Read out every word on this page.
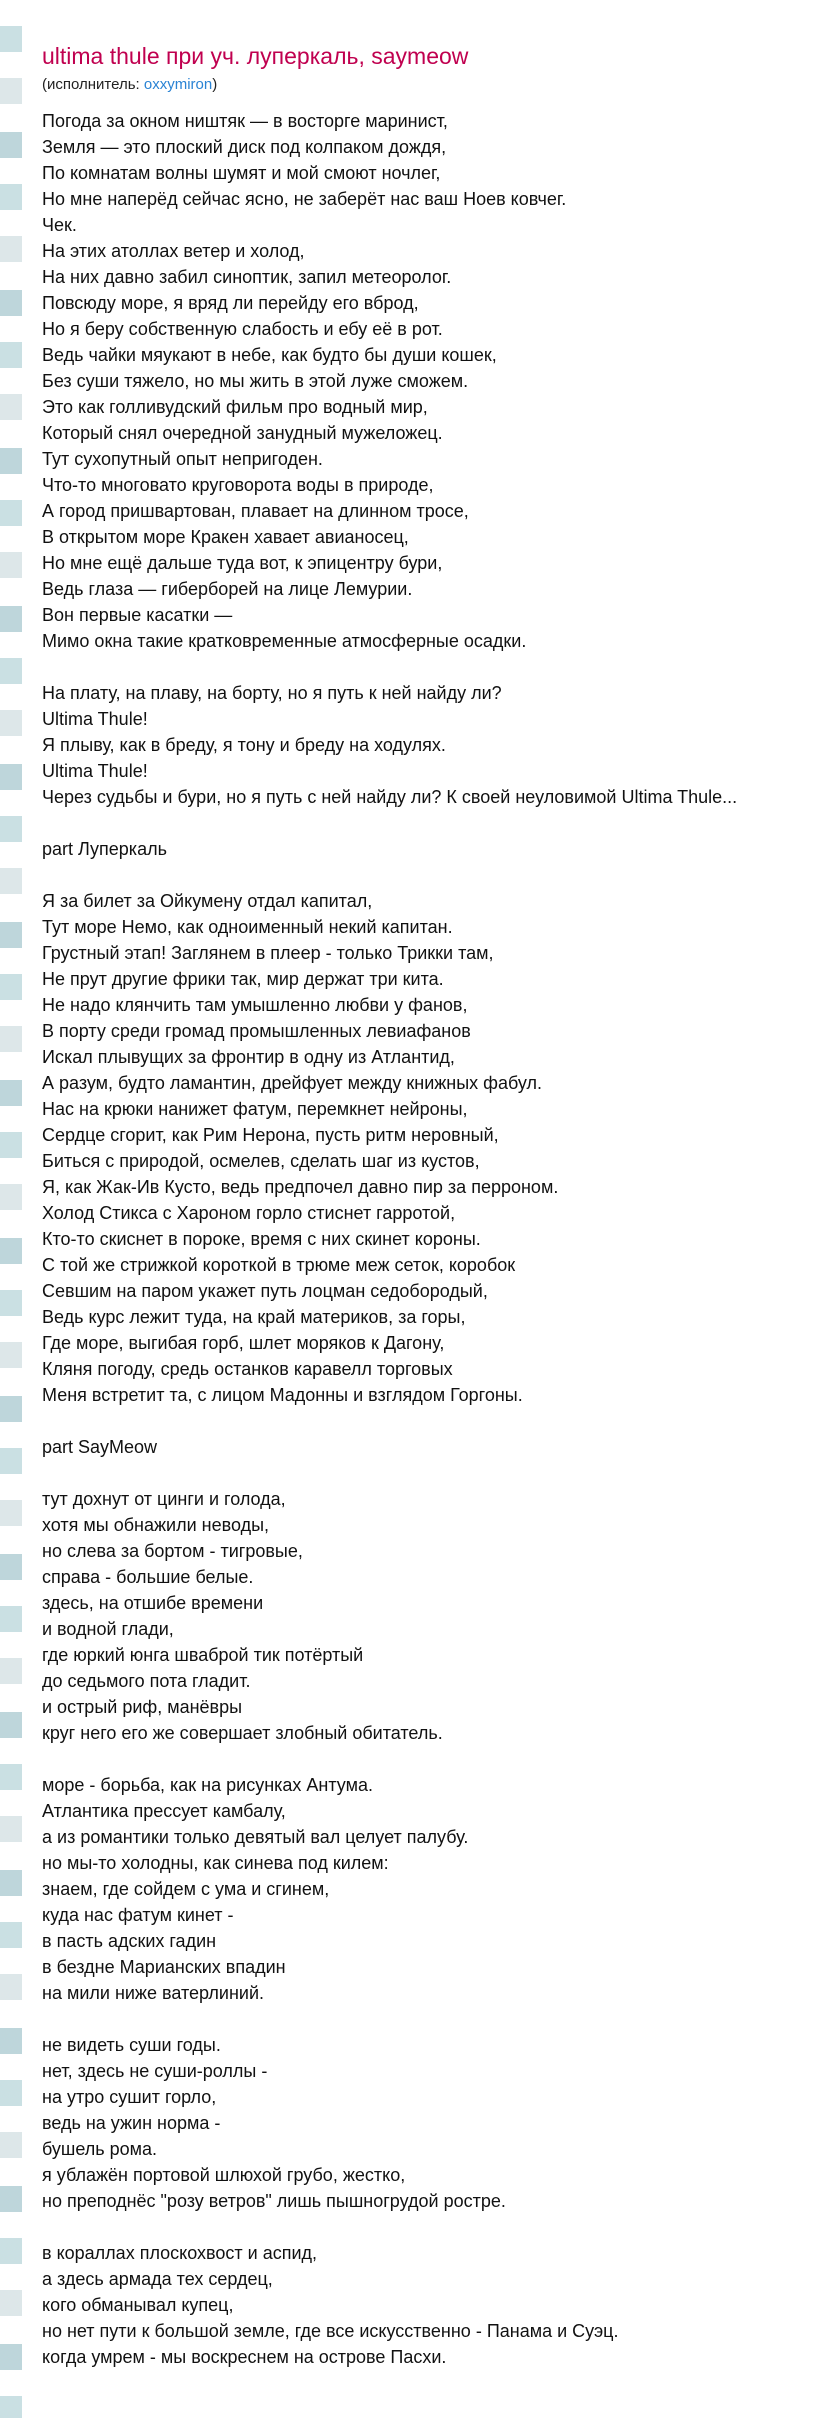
ultima thule при уч. луперкаль, saymeow
(исполнитель: oxxymiron)
Погода за окном ништяк — в восторге маринист,
Земля — это плоский диск под колпаком дождя,
По комнатам волны шумят и мой смоют ночлег,
Но мне наперёд сейчас ясно, не заберёт нас ваш Ноев ковчег.
Чек.
На этих атоллах ветер и холод,
На них давно забил синоптик, запил метеоролог.
Повсюду море, я вряд ли перейду его вброд,
Но я беру собственную слабость и ебу её в рот.
Ведь чайки мяукают в небе, как будто бы души кошек,
Без суши тяжело, но мы жить в этой луже сможем.
Это как голливудский фильм про водный мир,
Который снял очередной занудный мужеложец.
Тут сухопутный опыт непригоден.
Что-то многовато круговорота воды в природе,
А город пришвартован, плавает на длинном тросе,
В открытом море Кракен хавает авианосец,
Но мне ещё дальше туда вот, к эпицентру бури,
Ведь глаза — гиберборей на лице Лемурии.
Вон первые касатки —
Мимо окна такие кратковременные атмосферные осадки.
На плату, на плаву, на борту, но я путь к ней найду ли?
Ultima Thule!
Я плыву, как в бреду, я тону и бреду на ходулях.
Ultima Thule!
Через судьбы и бури, но я путь с ней найду ли? К своей неуловимой Ultima Thule...
part Луперкаль
Я за билет за Ойкумену отдал капитал,
Тут море Немо, как одноименный некий капитан.
Грустный этап! Заглянем в плеер - только Трикки там,
Не прут другие фрики так, мир держат три кита.
Не надо клянчить там умышленно любви у фанов,
В порту среди громад промышленных левиафанов
Искал плывущих за фронтир в одну из Атлантид,
А разум, будто ламантин, дрейфует между книжных фабул.
Нас на крюки нанижет фатум, перемкнет нейроны,
Сердце сгорит, как Рим Нерона, пусть ритм неровный,
Биться с природой, осмелев, сделать шаг из кустов,
Я, как Жак-Ив Кусто, ведь предпочел давно пир за перроном.
Холод Стикса с Хароном горло стиснет гарротой,
Кто-то скиснет в пороке, время с них скинет короны.
С той же стрижкой короткой в трюме меж сеток, коробок
Севшим на паром укажет путь лоцман седобородый,
Ведь курс лежит туда, на край материков, за горы,
Где море, выгибая горб, шлет моряков к Дагону,
Кляня погоду, средь останков каравелл торговых
Меня встретит та, с лицом Мадонны и взглядом Горгоны.
part SayMeow
тут дохнут от цинги и голода,
хотя мы обнажили неводы,
но слева за бортом - тигровые,
справа - большие белые.
здесь, на отшибе времени
и водной глади,
где юркий юнга шваброй тик потёртый
до седьмого пота гладит.
и острый риф, манёвры
круг него его же совершает злобный обитатель.
море - борьба, как на рисунках Антума.
Атлантика прессует камбалу,
а из романтики только девятый вал целует палубу.
но мы-то холодны, как синева под килем:
знаем, где сойдем с ума и сгинем,
куда нас фатум кинет -
в пасть адских гадин
в бездне Марианских впадин
на мили ниже ватерлиний.
не видеть суши годы.
нет, здесь не суши-роллы -
на утро сушит горло,
ведь на ужин норма -
бушель рома.
я ублажён портовой шлюхой грубо, жестко,
но преподнёс "розу ветров" лишь пышногрудой ростре.
в кораллах плоскохвост и аспид,
а здесь армада тех сердец,
кого обманывал купец,
но нет пути к большой земле, где все искусственно - Панама и Суэц.
когда умрем - мы воскреснем на острове Пасхи.
